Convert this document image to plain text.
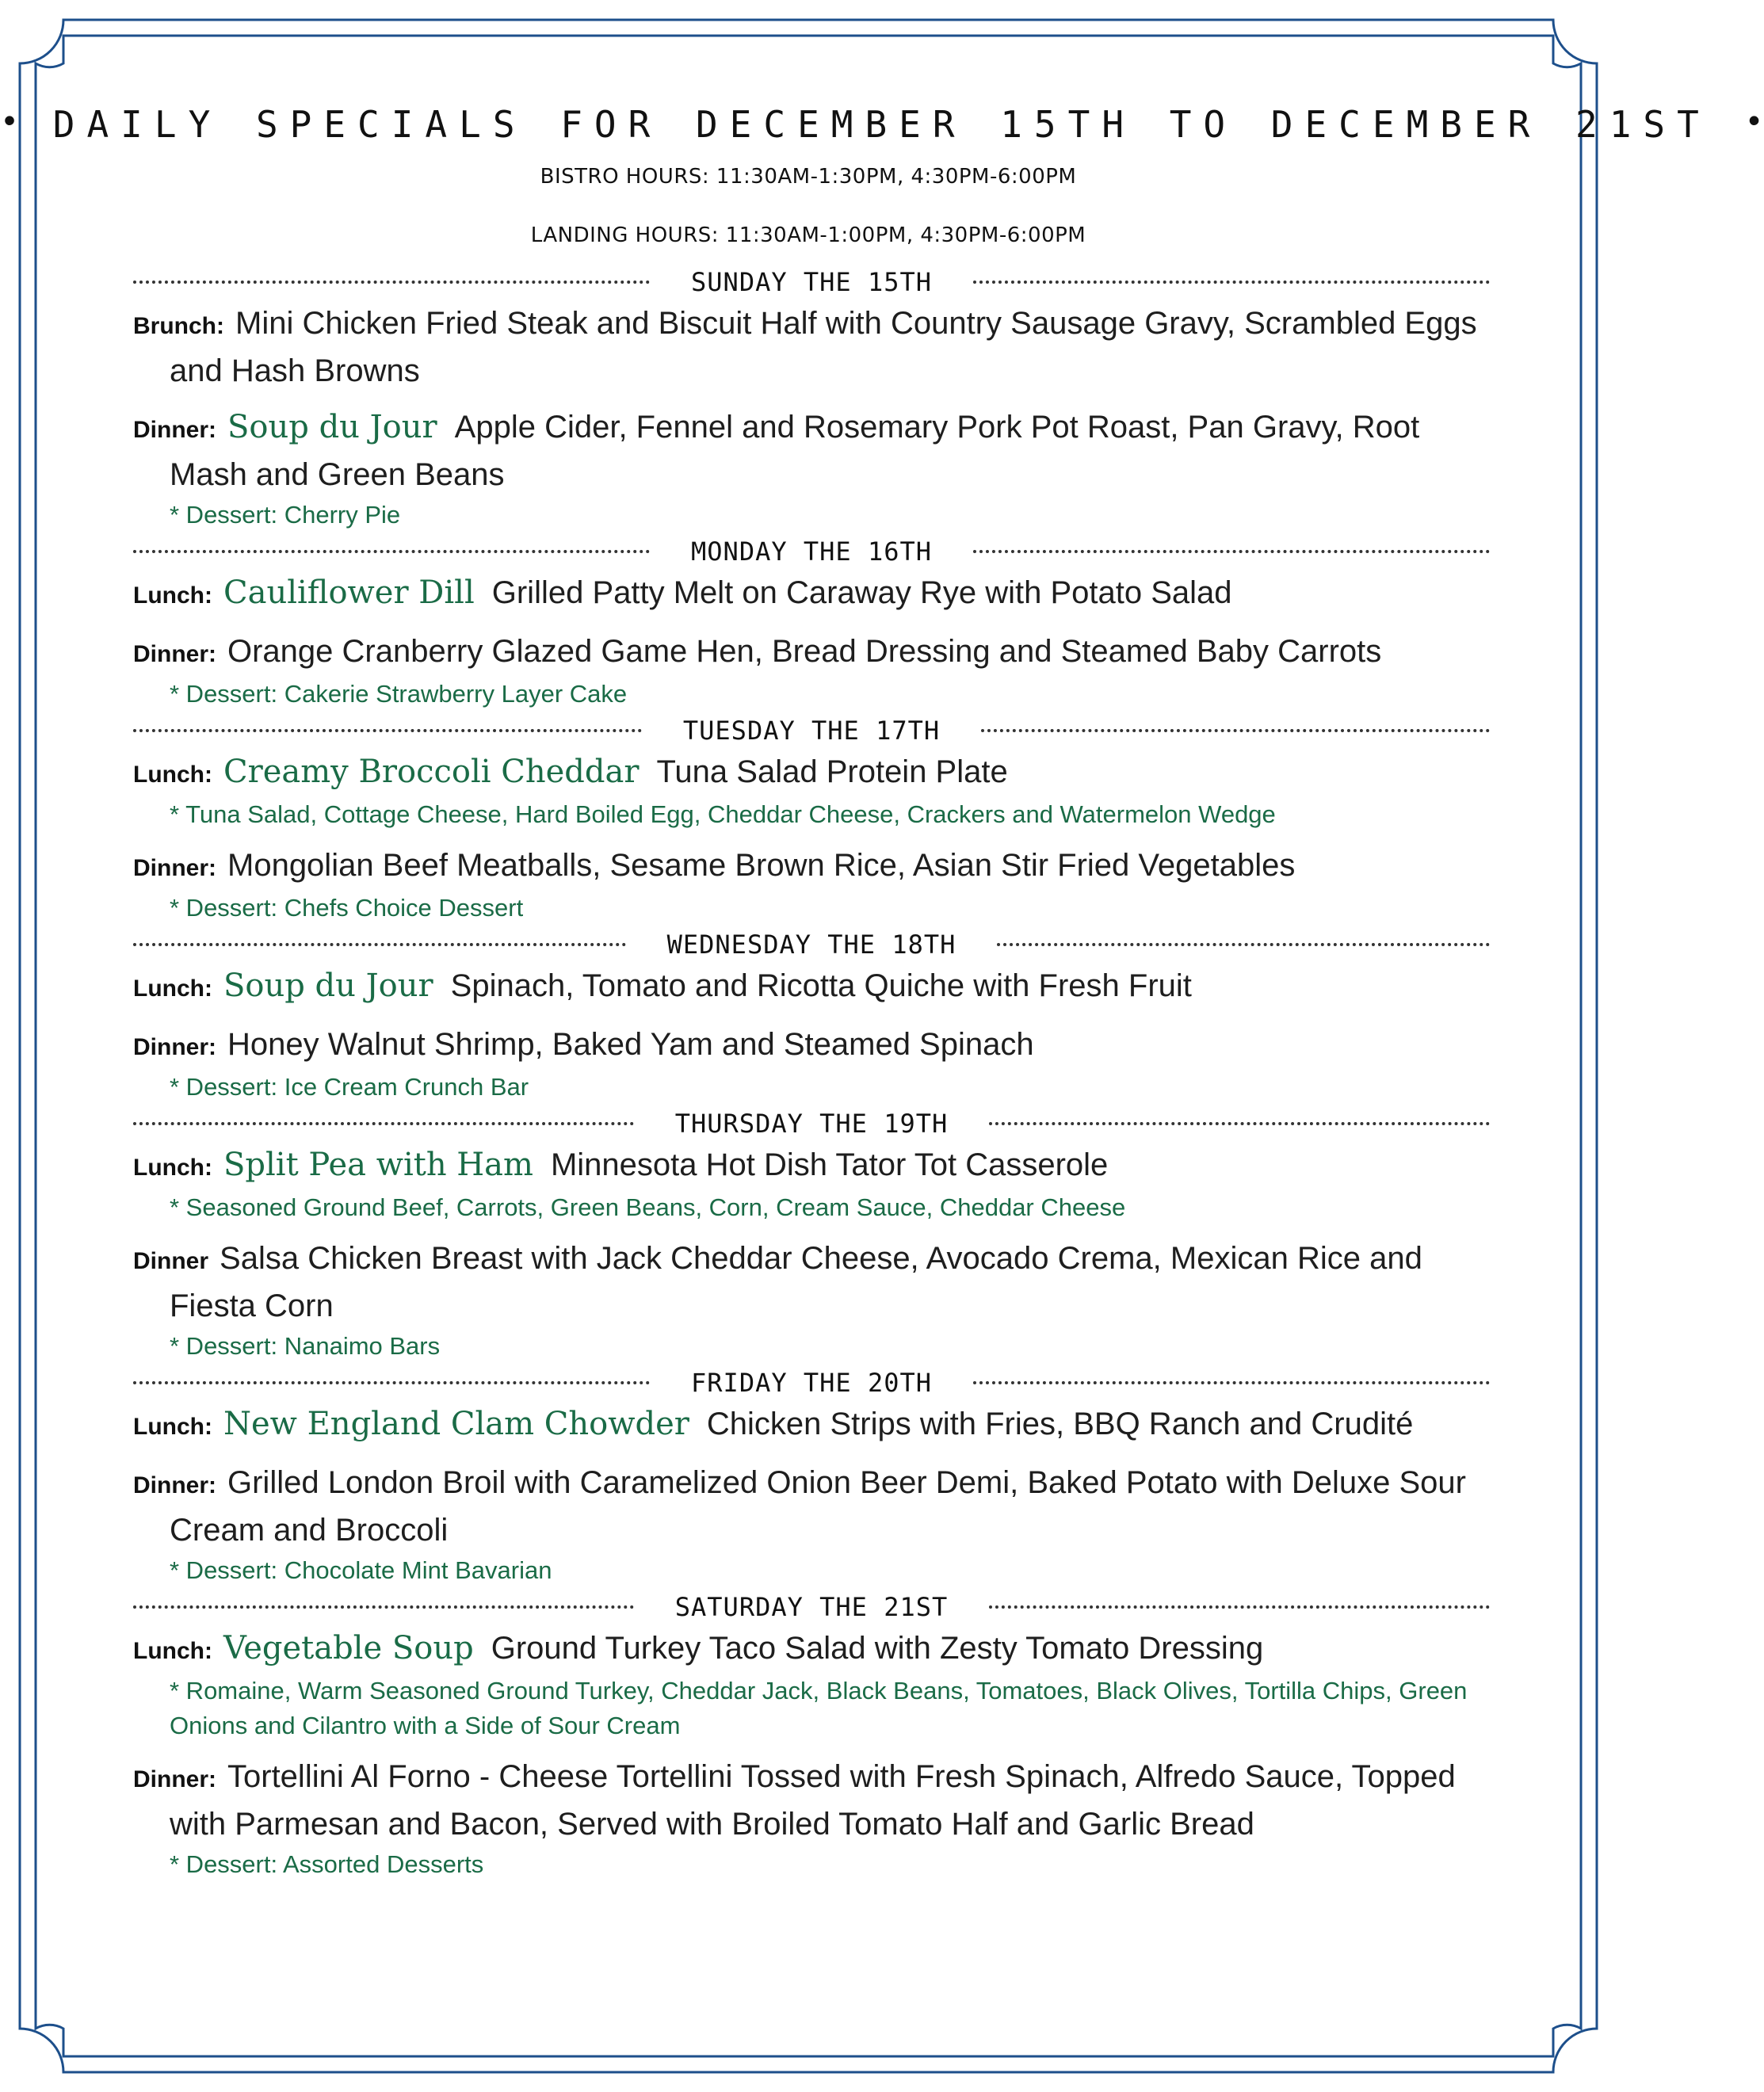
• DAILY SPECIALS FOR DECEMBER 15TH TO DECEMBER 21ST •
BISTRO HOURS: 11:30AM-1:30PM, 4:30PM-6:00PM
LANDING HOURS: 11:30AM-1:00PM, 4:30PM-6:00PM
SUNDAY THE 15TH
Brunch: Mini Chicken Fried Steak and Biscuit Half with Country Sausage Gravy, Scrambled Eggs and Hash Browns
Dinner: Soup du Jour Apple Cider, Fennel and Rosemary Pork Pot Roast, Pan Gravy, Root Mash and Green Beans
* Dessert: Cherry Pie
MONDAY THE 16TH
Lunch: Cauliflower Dill Grilled Patty Melt on Caraway Rye with Potato Salad
Dinner: Orange Cranberry Glazed Game Hen, Bread Dressing and Steamed Baby Carrots
* Dessert: Cakerie Strawberry Layer Cake
TUESDAY THE 17TH
Lunch: Creamy Broccoli Cheddar Tuna Salad Protein Plate
* Tuna Salad, Cottage Cheese, Hard Boiled Egg, Cheddar Cheese, Crackers and Watermelon Wedge
Dinner: Mongolian Beef Meatballs, Sesame Brown Rice, Asian Stir Fried Vegetables
* Dessert: Chefs Choice Dessert
WEDNESDAY THE 18TH
Lunch: Soup du Jour Spinach, Tomato and Ricotta Quiche with Fresh Fruit
Dinner: Honey Walnut Shrimp, Baked Yam and Steamed Spinach
* Dessert: Ice Cream Crunch Bar
THURSDAY THE 19TH
Lunch: Split Pea with Ham Minnesota Hot Dish Tator Tot Casserole
* Seasoned Ground Beef, Carrots, Green Beans, Corn, Cream Sauce, Cheddar Cheese
Dinner Salsa Chicken Breast with Jack Cheddar Cheese, Avocado Crema, Mexican Rice and Fiesta Corn
* Dessert: Nanaimo Bars
FRIDAY THE 20TH
Lunch: New England Clam Chowder Chicken Strips with Fries, BBQ Ranch and Crudité
Dinner: Grilled London Broil with Caramelized Onion Beer Demi, Baked Potato with Deluxe Sour Cream and Broccoli
* Dessert: Chocolate Mint Bavarian
SATURDAY THE 21ST
Lunch: Vegetable Soup Ground Turkey Taco Salad with Zesty Tomato Dressing
* Romaine, Warm Seasoned Ground Turkey, Cheddar Jack, Black Beans, Tomatoes, Black Olives, Tortilla Chips, Green Onions and Cilantro with a Side of Sour Cream
Dinner: Tortellini Al Forno - Cheese Tortellini Tossed with Fresh Spinach, Alfredo Sauce, Topped with Parmesan and Bacon, Served with Broiled Tomato Half and Garlic Bread
* Dessert: Assorted Desserts
